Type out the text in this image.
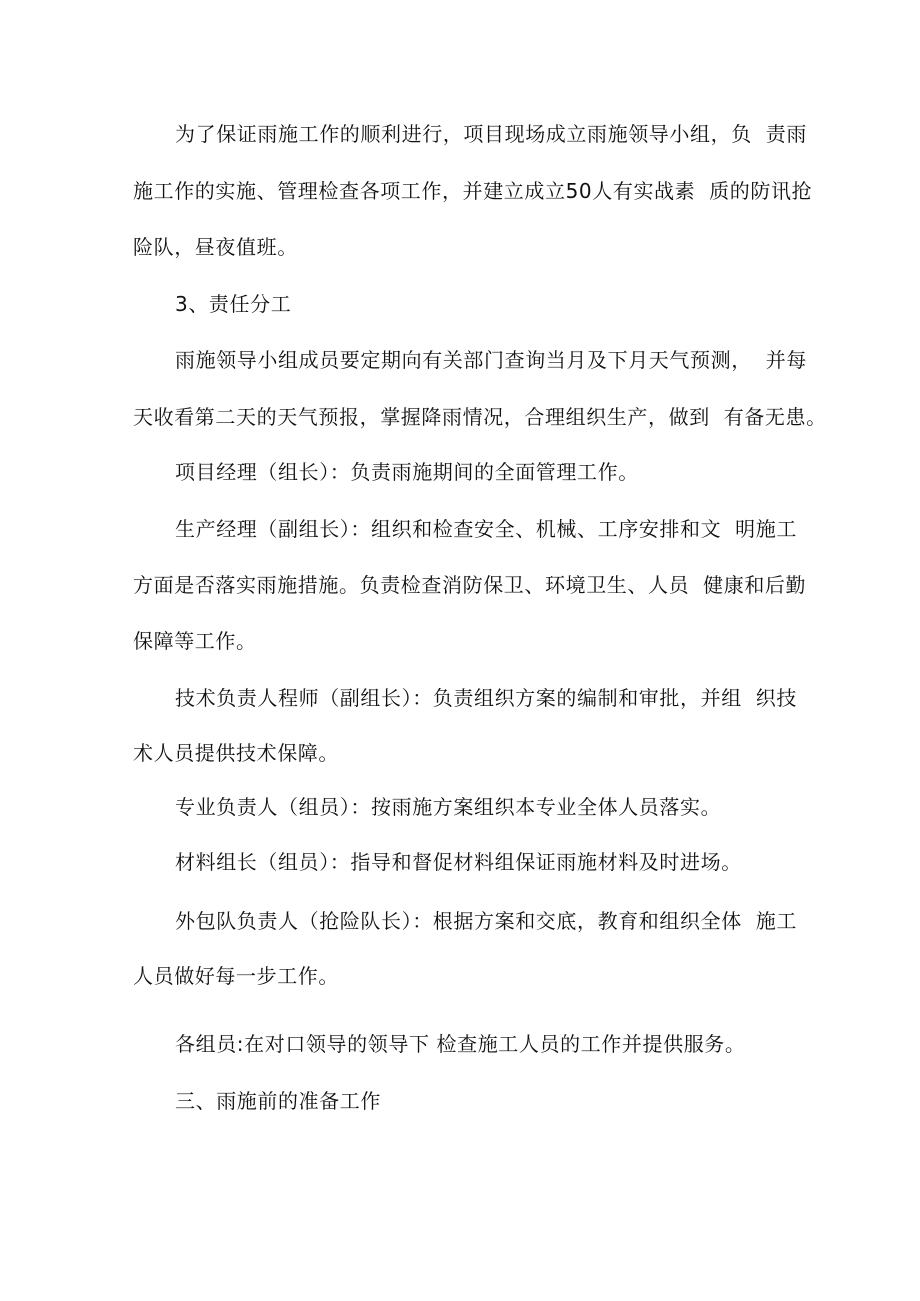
为了保证雨施工作的顺利进行，项目现场成立雨施领导小组，负  责雨
施工作的实施、管理检查各项工作，并建立成立50人有实战素  质的防讯抢
险队，昼夜值班。
3、责任分工
雨施领导小组成员要定期向有关部门查询当月及下月天气预测，  并每
天收看第二天的天气预报，掌握降雨情况，合理组织生产，做到  有备无患。
项目经理（组长）：负责雨施期间的全面管理工作。
生产经理（副组长）：组织和检查安全、机械、工序安排和文  明施工
方面是否落实雨施措施。负责检查消防保卫、环境卫生、人员  健康和后勤
保障等工作。
技术负责人程师（副组长）：负责组织方案的编制和审批，并组  织技
术人员提供技术保障。
专业负责人（组员）：按雨施方案组织本专业全体人员落实。
材料组长（组员）：指导和督促材料组保证雨施材料及时进场。
外包队负责人（抢险队长）：根据方案和交底，教育和组织全体  施工
人员做好每一步工作。
各组员:在对口领导的领导下 检查施工人员的工作并提供服务。
三、雨施前的准备工作
